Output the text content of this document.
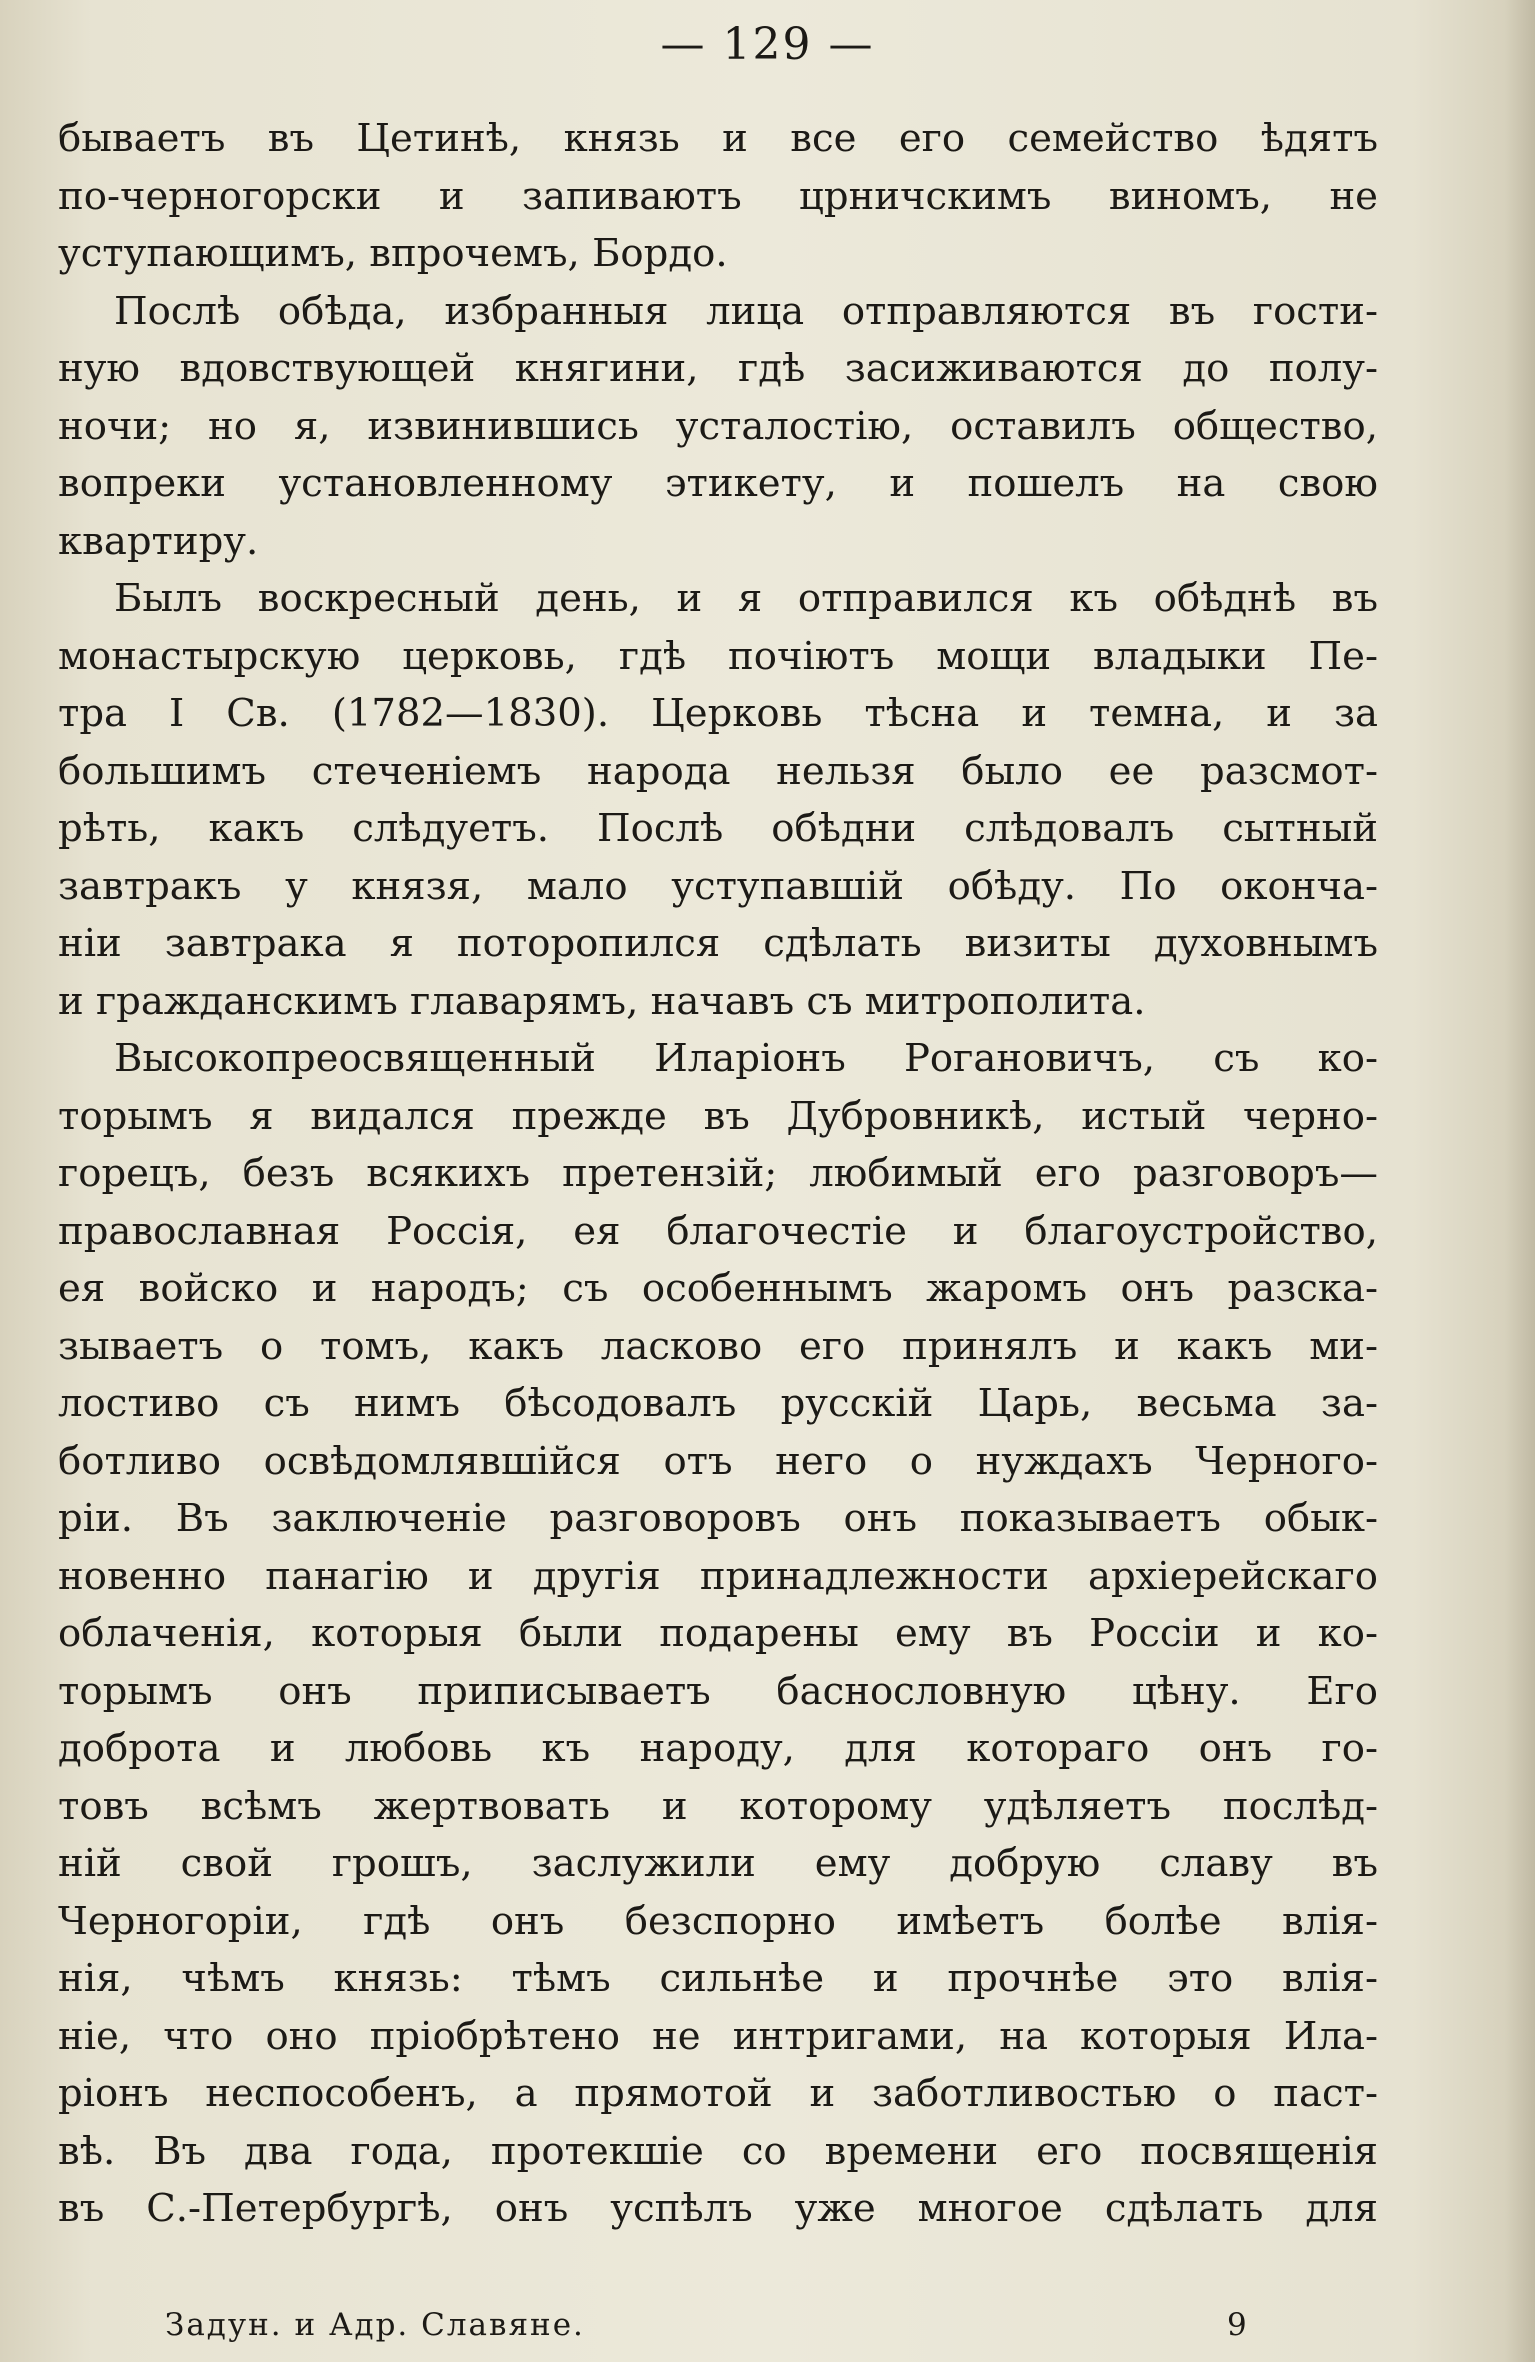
— 129 —
бываетъ въ Цетинѣ, князь и все его семейство ѣдятъ
по-черногорски и запиваютъ црничскимъ виномъ, не
уступающимъ, впрочемъ, Бордо.
Послѣ обѣда, избранныя лица отправляются въ гости-
ную вдовствующей княгини, гдѣ засиживаются до полу-
ночи; но я, извинившись усталостію, оставилъ общество,
вопреки установленному этикету, и пошелъ на свою
квартиру.
Былъ воскресный день, и я отправился къ обѣднѣ въ
монастырскую церковь, гдѣ почіютъ мощи владыки Пе-
тра I Св. (1782—1830). Церковь тѣсна и темна, и за
большимъ стеченіемъ народа нельзя было ее разсмот-
рѣть, какъ слѣдуетъ. Послѣ обѣдни слѣдовалъ сытный
завтракъ у князя, мало уступавшій обѣду. По оконча-
ніи завтрака я поторопился сдѣлать визиты духовнымъ
и гражданскимъ главарямъ, начавъ съ митрополита.
Высокопреосвященный Иларіонъ Рогановичъ, съ ко-
торымъ я видался прежде въ Дубровникѣ, истый черно-
горецъ, безъ всякихъ претензій; любимый его разговоръ—
православная Россія, ея благочестіе и благоустройство,
ея войско и народъ; съ особеннымъ жаромъ онъ разска-
зываетъ о томъ, какъ ласково его принялъ и какъ ми-
лостиво съ нимъ бѣсодовалъ русскій Царь, весьма за-
ботливо освѣдомлявшійся отъ него о нуждахъ Черного-
ріи. Въ заключеніе разговоровъ онъ показываетъ обык-
новенно панагію и другія принадлежности архіерейскаго
облаченія, которыя были подарены ему въ Россіи и ко-
торымъ онъ приписываетъ баснословную цѣну. Его
доброта и любовь къ народу, для котораго онъ го-
товъ всѣмъ жертвовать и которому удѣляетъ послѣд-
ній свой грошъ, заслужили ему добрую славу въ
Черногоріи, гдѣ онъ безспорно имѣетъ болѣе влія-
нія, чѣмъ князь: тѣмъ сильнѣе и прочнѣе это влія-
ніе, что оно пріобрѣтено не интригами, на которыя Ила-
ріонъ неспособенъ, а прямотой и заботливостью о паст-
вѣ. Въ два года, протекшіе со времени его посвященія
въ С.-Петербургѣ, онъ успѣлъ уже многое сдѣлать для
Задун. и Адр. Славяне.	9
